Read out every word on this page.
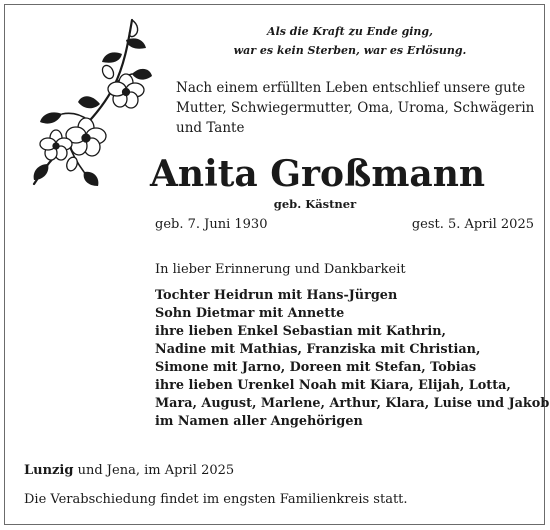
Als die Kraft zu Ende ging,
war es kein Sterben, war es Erlösung.
Nach einem erfüllten Leben entschlief unsere gute
Mutter, Schwiegermutter, Oma, Uroma, Schwägerin
und Tante
Anita Großmann
geb. Kästner
geb. 7. Juni 1930	gest. 5. April 2025
In lieber Erinnerung und Dankbarkeit
Tochter Heidrun mit Hans-Jürgen
Sohn Dietmar mit Annette
ihre lieben Enkel Sebastian mit Kathrin,
Nadine mit Mathias, Franziska mit Christian,
Simone mit Jarno, Doreen mit Stefan, Tobias
ihre lieben Urenkel Noah mit Kiara, Elijah, Lotta,
Mara, August, Marlene, Arthur, Klara, Luise und Jakob
im Namen aller Angehörigen
Lunzig und Jena, im April 2025
Die Verabschiedung findet im engsten Familienkreis statt.
